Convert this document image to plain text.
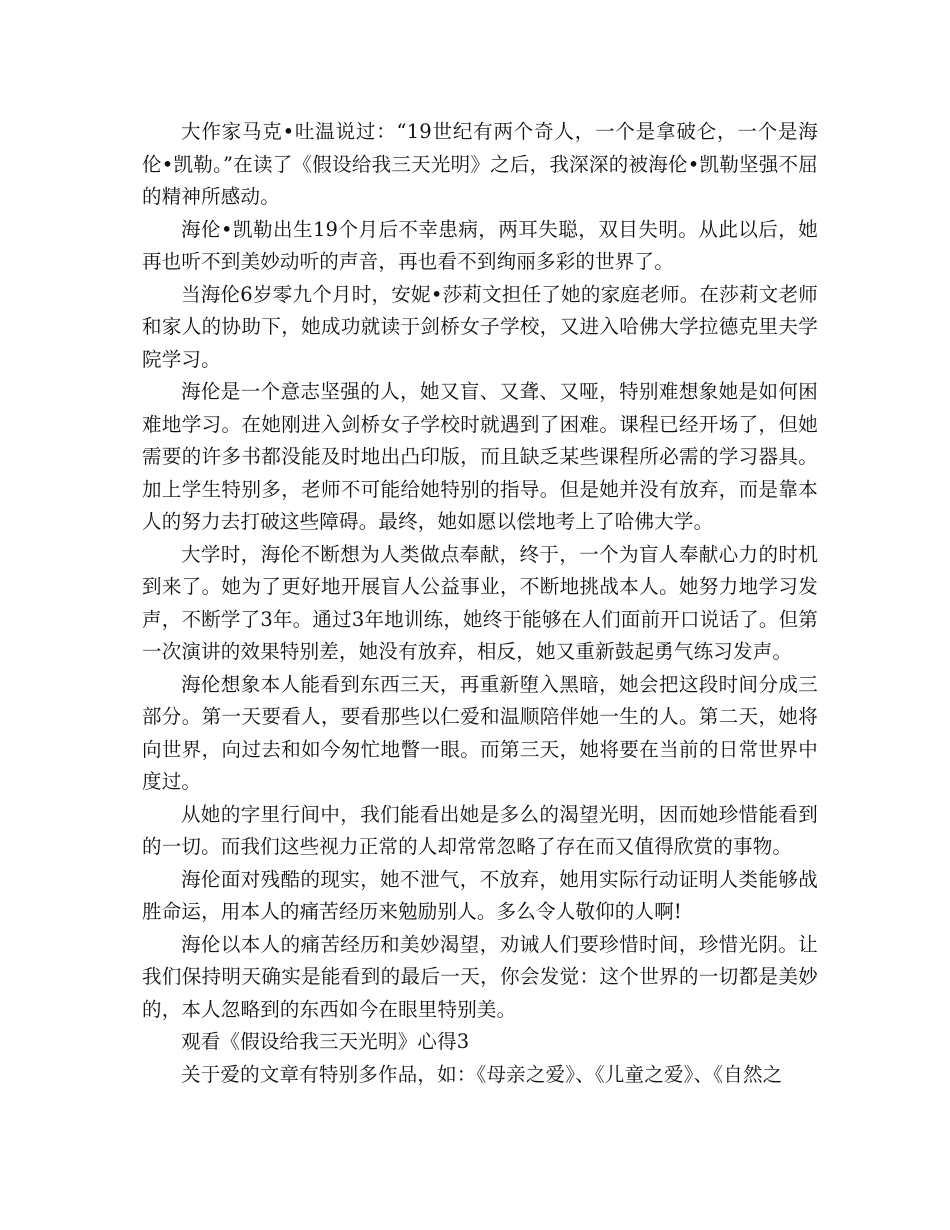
大作家马克•吐温说过：“19世纪有两个奇人，一个是拿破仑，一个是海伦•凯勒。”在读了《假设给我三天光明》之后，我深深的被海伦•凯勒坚强不屈的精神所感动。

海伦•凯勒出生19个月后不幸患病，两耳失聪，双目失明。从此以后，她再也听不到美妙动听的声音，再也看不到绚丽多彩的世界了。

当海伦6岁零九个月时，安妮•莎莉文担任了她的家庭老师。在莎莉文老师和家人的协助下，她成功就读于剑桥女子学校，又进入哈佛大学拉德克里夫学院学习。

海伦是一个意志坚强的人，她又盲、又聋、又哑，特别难想象她是如何困难地学习。在她刚进入剑桥女子学校时就遇到了困难。课程已经开场了，但她需要的许多书都没能及时地出凸印版，而且缺乏某些课程所必需的学习器具。加上学生特别多，老师不可能给她特别的指导。但是她并没有放弃，而是靠本人的努力去打破这些障碍。最终，她如愿以偿地考上了哈佛大学。

大学时，海伦不断想为人类做点奉献，终于，一个为盲人奉献心力的时机到来了。她为了更好地开展盲人公益事业，不断地挑战本人。她努力地学习发声，不断学了3年。通过3年地训练，她终于能够在人们面前开口说话了。但第一次演讲的效果特别差，她没有放弃，相反，她又重新鼓起勇气练习发声。

海伦想象本人能看到东西三天，再重新堕入黑暗，她会把这段时间分成三部分。第一天要看人，要看那些以仁爱和温顺陪伴她一生的人。第二天，她将向世界，向过去和如今匆忙地瞥一眼。而第三天，她将要在当前的日常世界中度过。

从她的字里行间中，我们能看出她是多么的渴望光明，因而她珍惜能看到的一切。而我们这些视力正常的人却常常忽略了存在而又值得欣赏的事物。

海伦面对残酷的现实，她不泄气，不放弃，她用实际行动证明人类能够战胜命运，用本人的痛苦经历来勉励别人。多么令人敬仰的人啊!

海伦以本人的痛苦经历和美妙渴望，劝诫人们要珍惜时间，珍惜光阴。让我们保持明天确实是能看到的最后一天，你会发觉：这个世界的一切都是美妙的，本人忽略到的东西如今在眼里特别美。

观看《假设给我三天光明》心得3

关于爱的文章有特别多作品，如：《母亲之爱》、《儿童之爱》、《自然之
